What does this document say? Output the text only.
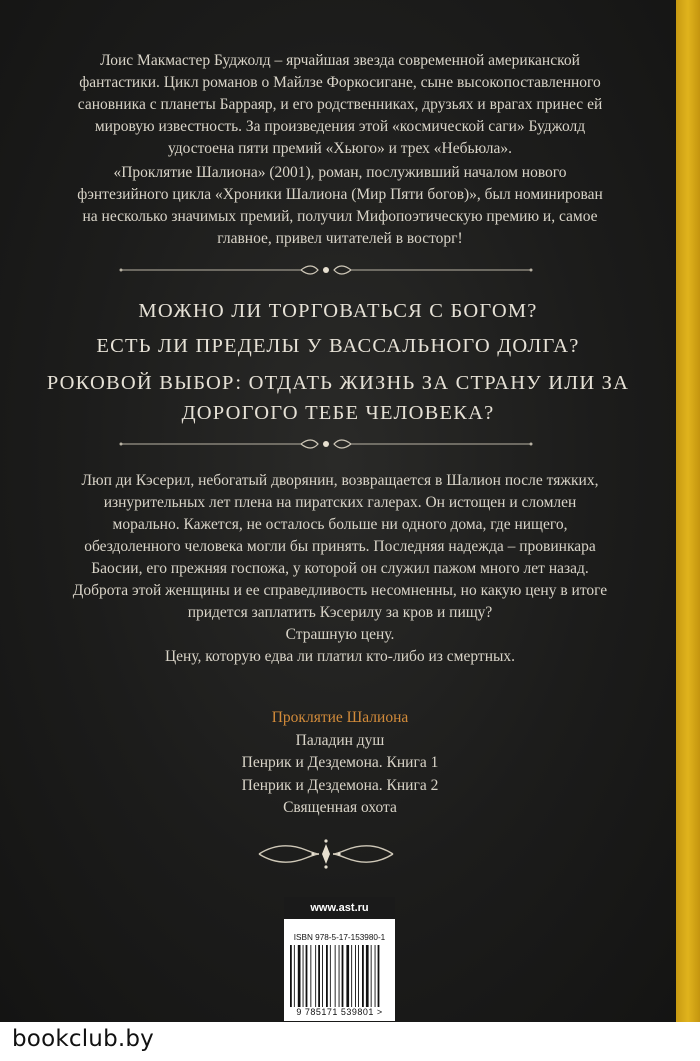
Лоис Макмастер Буджолд – ярчайшая звезда современной американской фантастики. Цикл романов о Майлзе Форкосигане, сыне высокопоставленного сановника с планеты Барраяр, и его родственниках, друзьях и врагах принес ей мировую известность. За произведения этой «космической саги» Буджолд удостоена пяти премий «Хьюго» и трех «Небьюла».

«Проклятие Шалиона» (2001), роман, послуживший началом нового фэнтезийного цикла «Хроники Шалиона (Мир Пяти богов)», был номинирован на несколько значимых премий, получил Мифопоэтическую премию и, самое главное, привел читателей в восторг!

МОЖНО ЛИ ТОРГОВАТЬСЯ С БОГОМ?
ЕСТЬ ЛИ ПРЕДЕЛЫ У ВАССАЛЬНОГО ДОЛГА?
РОКОВОЙ ВЫБОР: ОТДАТЬ ЖИЗНЬ ЗА СТРАНУ ИЛИ ЗА ДОРОГОГО ТЕБЕ ЧЕЛОВЕКА?
Люп ди Кэсерил, небогатый дворянин, возвращается в Шалион после тяжких, изнурительных лет плена на пиратских галерах. Он истощен и сломлен морально. Кажется, не осталось больше ни одного дома, где нищего, обездоленного человека могли бы принять. Последняя надежда – провинкара Баосии, его прежняя госпожа, у которой он служил пажом много лет назад. Доброта этой женщины и ее справедливость несомненны, но какую цену в итоге придется заплатить Кэсерилу за кров и пищу?
Страшную цену.
Цену, которую едва ли платил кто-либо из смертных.
Проклятие Шалиона
Паладин душ
Пенрик и Дездемона. Книга 1
Пенрик и Дездемона. Книга 2
Священная охота
www.ast.ru
ISBN 978-5-17-153980-1
9 785171 539801 >
bookclub.by
